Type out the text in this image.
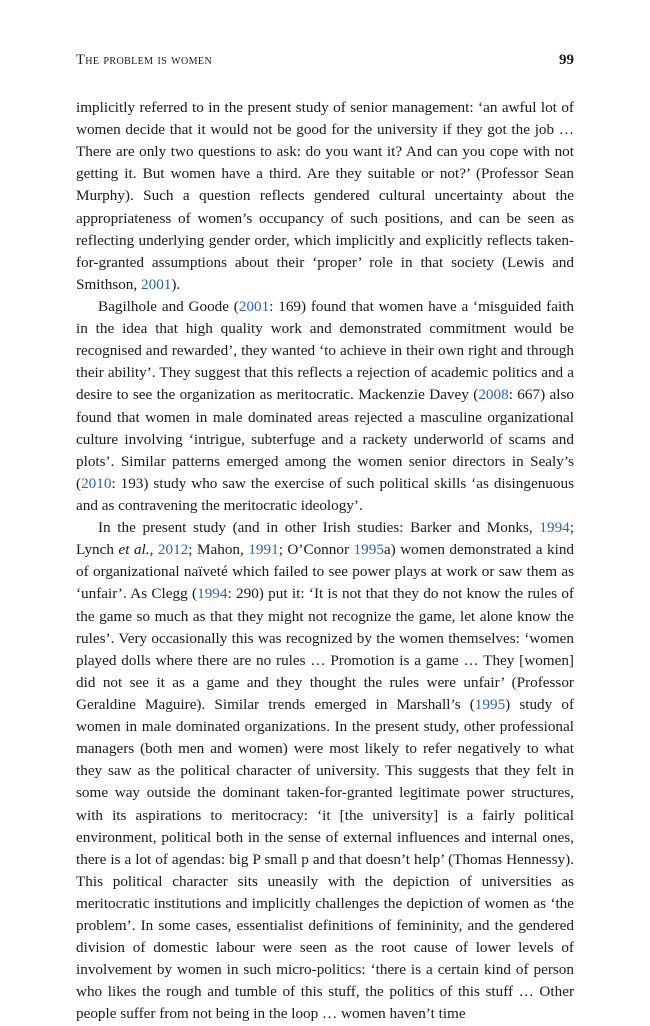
The problem is women	99

implicitly referred to in the present study of senior management: ‘an awful lot of women decide that it would not be good for the university if they got the job … There are only two questions to ask: do you want it? And can you cope with not getting it. But women have a third. Are they suitable or not?’ (Professor Sean Murphy). Such a question reflects gendered cultural uncertainty about the appropriateness of women’s occupancy of such positions, and can be seen as reflecting underlying gender order, which implicitly and explicitly reflects taken-for-granted assumptions about their ‘proper’ role in that society (Lewis and Smithson, 2001).

Bagilhole and Goode (2001: 169) found that women have a ‘misguided faith in the idea that high quality work and demonstrated commitment would be recognised and rewarded’, they wanted ‘to achieve in their own right and through their ability’. They suggest that this reflects a rejection of academic politics and a desire to see the organization as meritocratic. Mackenzie Davey (2008: 667) also found that women in male dominated areas rejected a masculine organizational culture involving ‘intrigue, subterfuge and a rackety underworld of scams and plots’. Similar patterns emerged among the women senior directors in Sealy’s (2010: 193) study who saw the exercise of such political skills ‘as disingenuous and as contravening the meritocratic ideology’.

In the present study (and in other Irish studies: Barker and Monks, 1994; Lynch et al., 2012; Mahon, 1991; O’Connor 1995a) women demonstrated a kind of organizational naïveté which failed to see power plays at work or saw them as ‘unfair’. As Clegg (1994: 290) put it: ‘It is not that they do not know the rules of the game so much as that they might not recognize the game, let alone know the rules’. Very occasionally this was recognized by the women themselves: ‘women played dolls where there are no rules … Promotion is a game … They [women] did not see it as a game and they thought the rules were unfair’ (Professor Geraldine Maguire). Similar trends emerged in Marshall’s (1995) study of women in male dominated organizations. In the present study, other professional managers (both men and women) were most likely to refer negatively to what they saw as the political character of university. This suggests that they felt in some way outside the dominant taken-for-granted legitimate power structures, with its aspirations to meritocracy: ‘it [the university] is a fairly political environment, political both in the sense of external influences and internal ones, there is a lot of agendas: big P small p and that doesn’t help’ (Thomas Hennessy). This political character sits uneasily with the depiction of universities as meritocratic institutions and implicitly challenges the depiction of women as ‘the problem’. In some cases, essentialist definitions of femininity, and the gendered division of domestic labour were seen as the root cause of lower levels of involvement by women in such micro-politics: ‘there is a certain kind of person who likes the rough and tumble of this stuff, the politics of this stuff … Other people suffer from not being in the loop … women haven’t time
